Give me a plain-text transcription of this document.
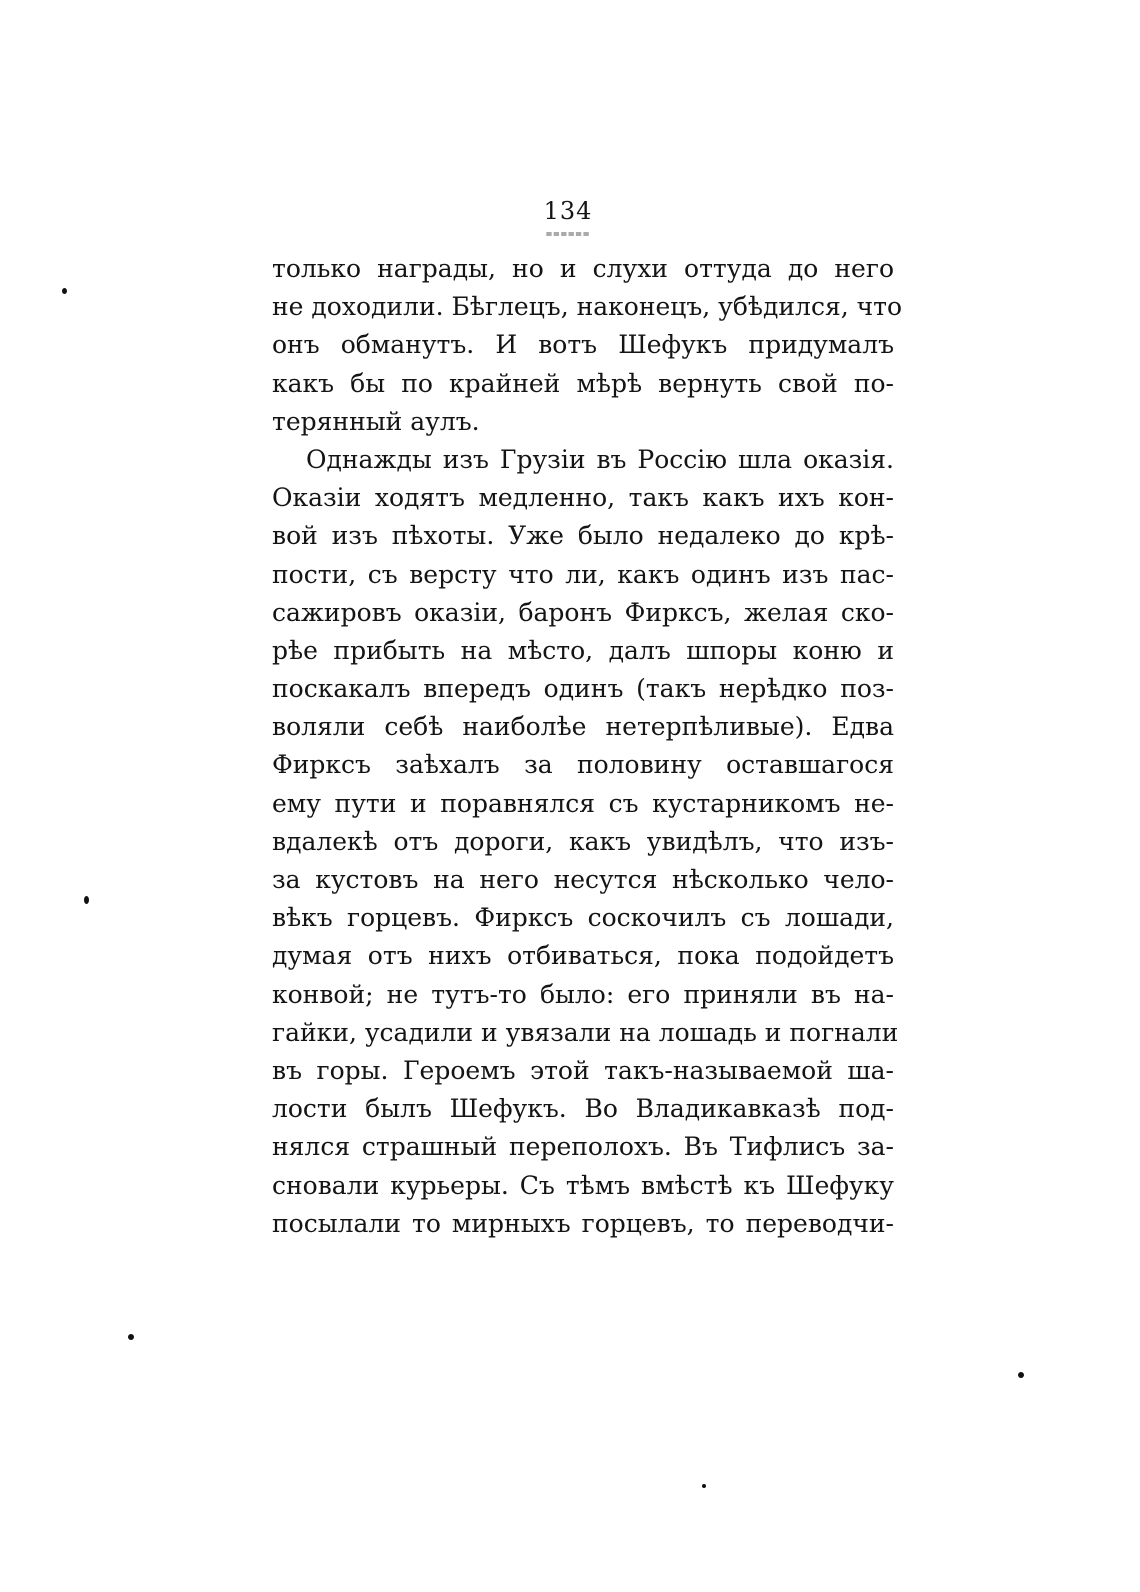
134
᐀᐀᐀᐀᐀᐀
только награды, но и слухи оттуда до него
не доходили. Бѣглецъ, наконецъ, убѣдился, что
онъ обманутъ. И вотъ Шефукъ придумалъ
какъ бы по крайней мѣрѣ вернуть свой по-
терянный аулъ.
Однажды изъ Грузіи въ Россію шла оказія.
Оказіи ходятъ медленно, такъ какъ ихъ кон-
вой изъ пѣхоты. Уже было недалеко до крѣ-
пости, съ версту что ли, какъ одинъ изъ пас-
сажировъ оказіи, баронъ Фирксъ, желая ско-
рѣе прибыть на мѣсто, далъ шпоры коню и
поскакалъ впередъ одинъ (такъ нерѣдко поз-
воляли себѣ наиболѣе нетерпѣливые). Едва
Фирксъ заѣхалъ за половину оставшагося
ему пути и поравнялся съ кустарникомъ не-
вдалекѣ отъ дороги, какъ увидѣлъ, что изъ-
за кустовъ на него несутся нѣсколько чело-
вѣкъ горцевъ. Фирксъ соскочилъ съ лошади,
думая отъ нихъ отбиваться, пока подойдетъ
конвой; не тутъ-то было: его приняли въ на-
гайки, усадили и увязали на лошадь и погнали
въ горы. Героемъ этой такъ-называемой ша-
лости былъ Шефукъ. Во Владикавказѣ под-
нялся страшный переполохъ. Въ Тифлисъ за-
сновали курьеры. Съ тѣмъ вмѣстѣ къ Шефуку
посылали то мирныхъ горцевъ, то переводчи-
